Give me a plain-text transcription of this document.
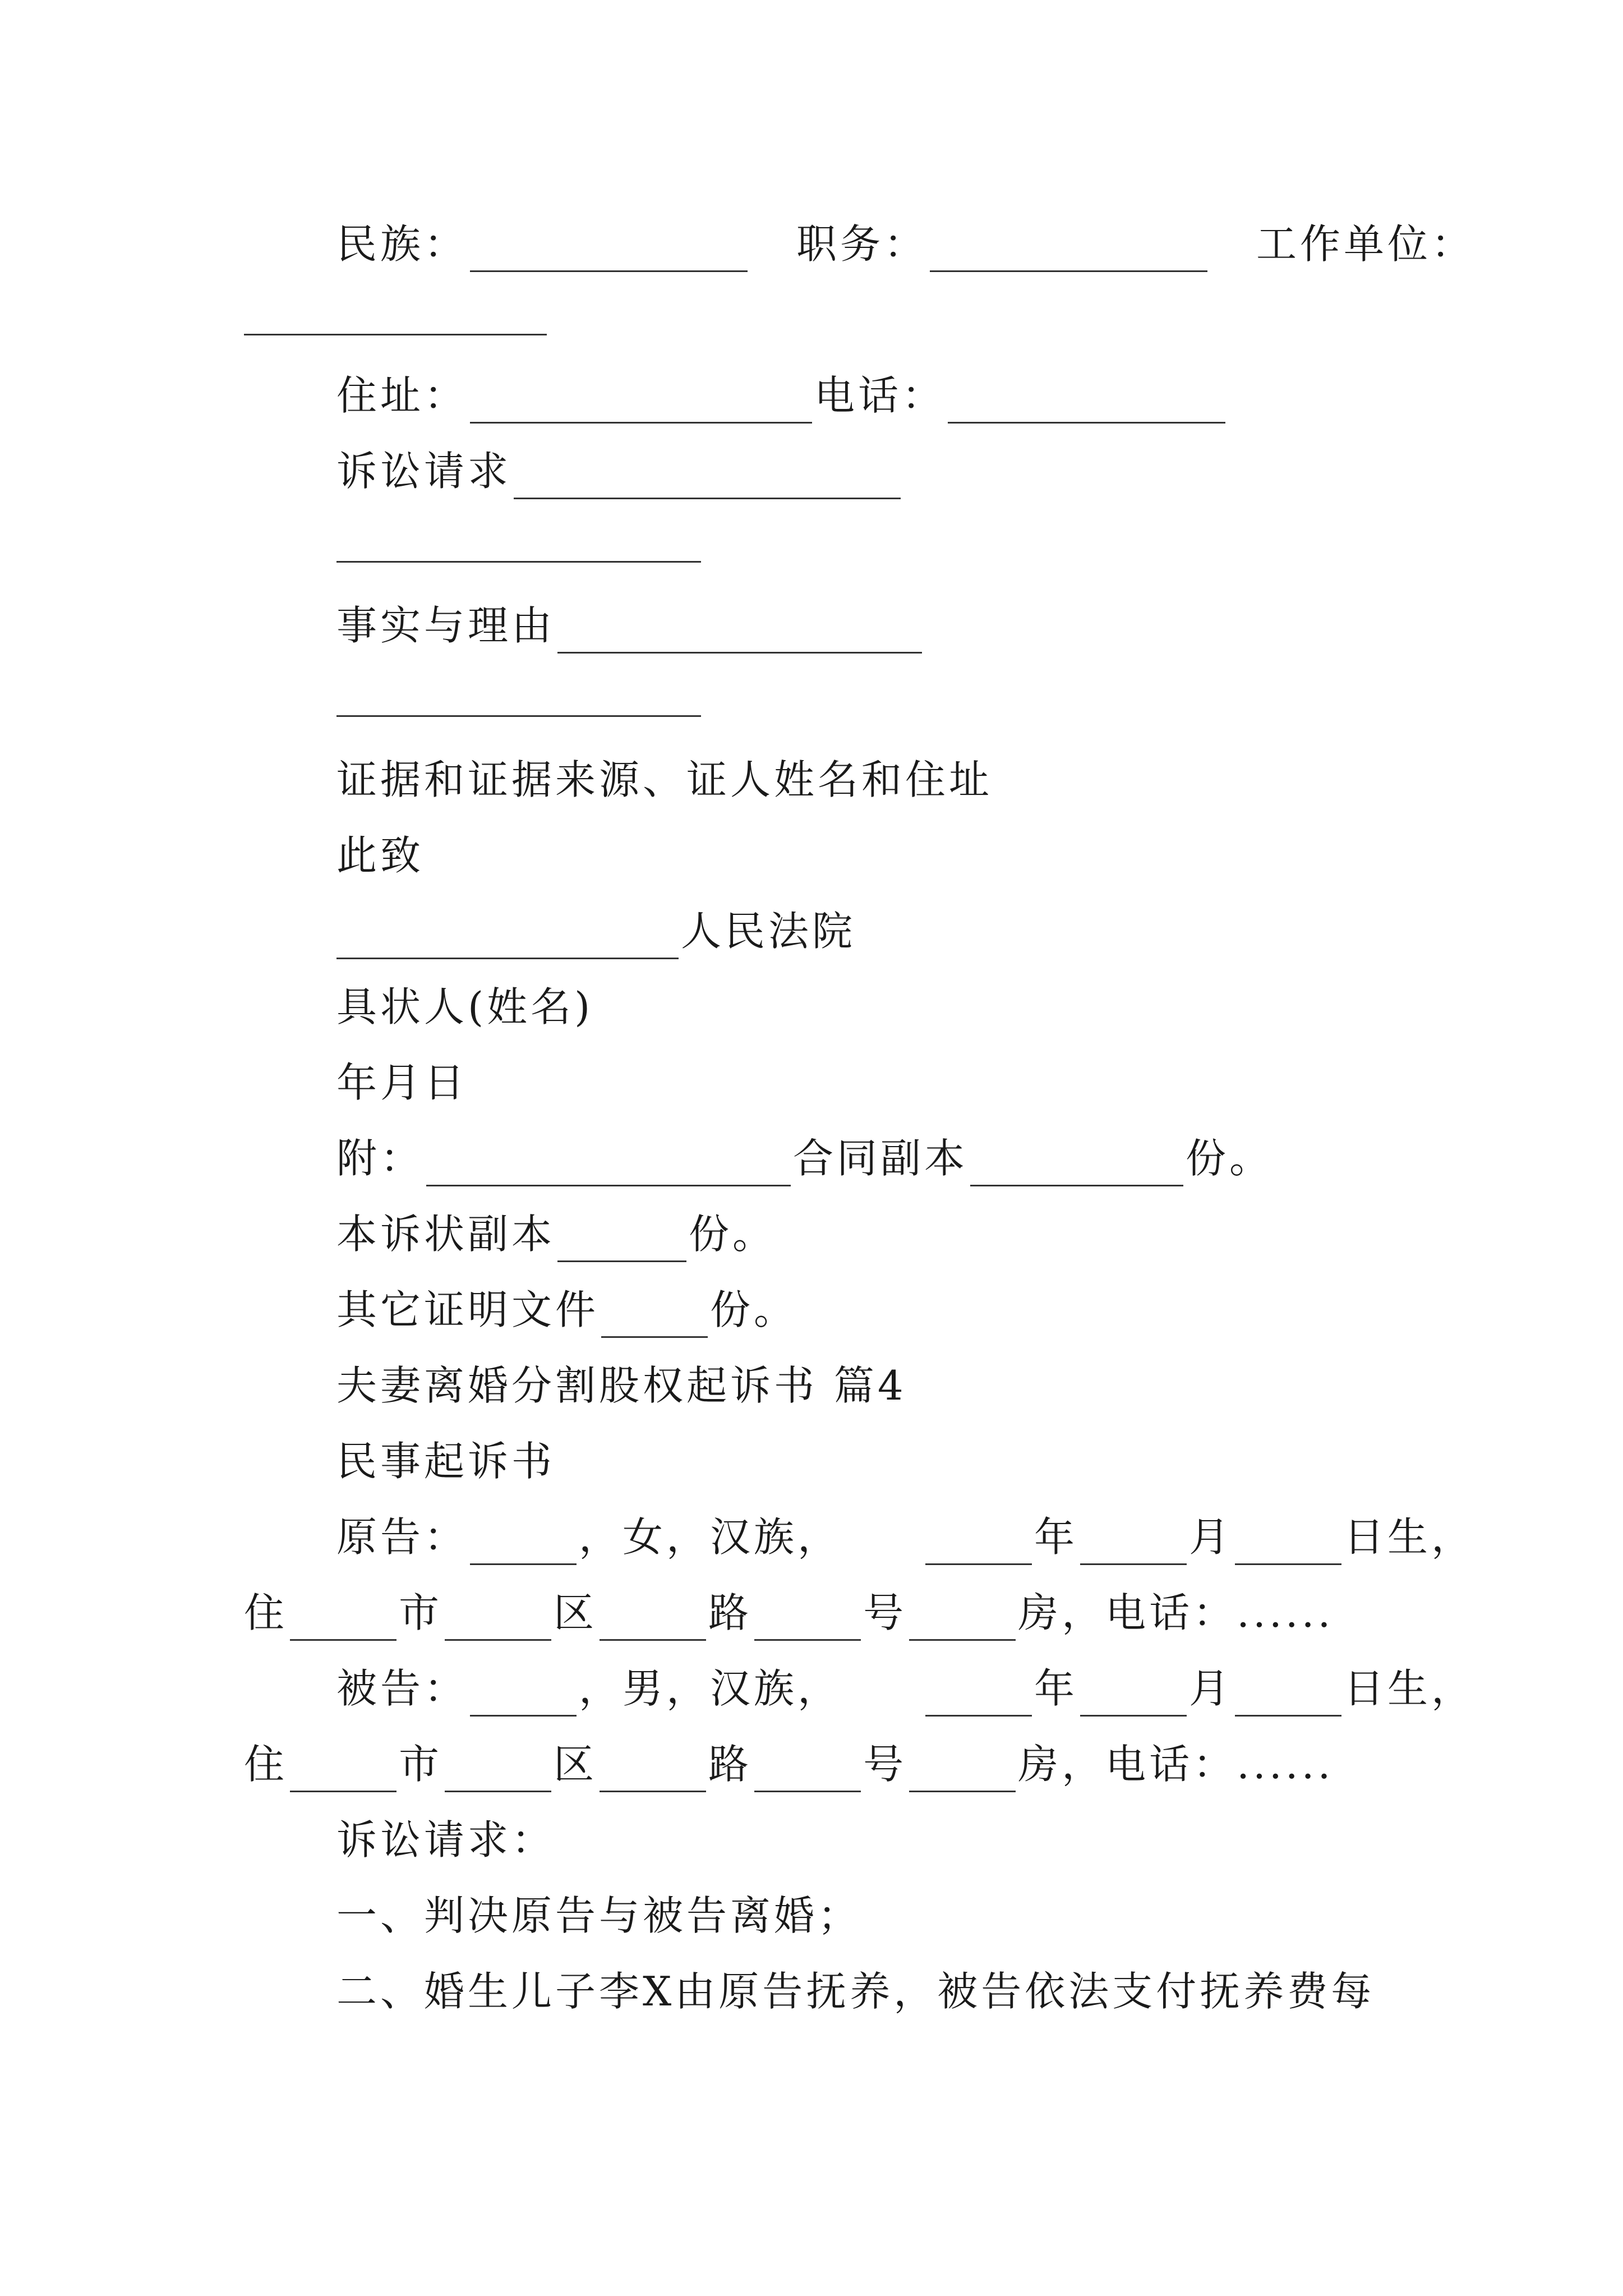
民族：	职务：	工作单位：
住址：	电话：
诉讼请求
事实与理由
证据和证据来源、证人姓名和住址
此致
人民法院
具状人(姓名)
年月日
附：	合同副本	份。
本诉状副本	份。
其它证明文件	份。
夫妻离婚分割股权起诉书 篇4
民事起诉书
原告：	，女，汉族，	年	月	日生，
住	市	区	路	号	房，电话：......
被告：	，男，汉族，	年	月	日生，
住	市	区	路	号	房，电话：......
诉讼请求：
一、判决原告与被告离婚；
二、婚生儿子李X由原告抚养，被告依法支付抚养费每
